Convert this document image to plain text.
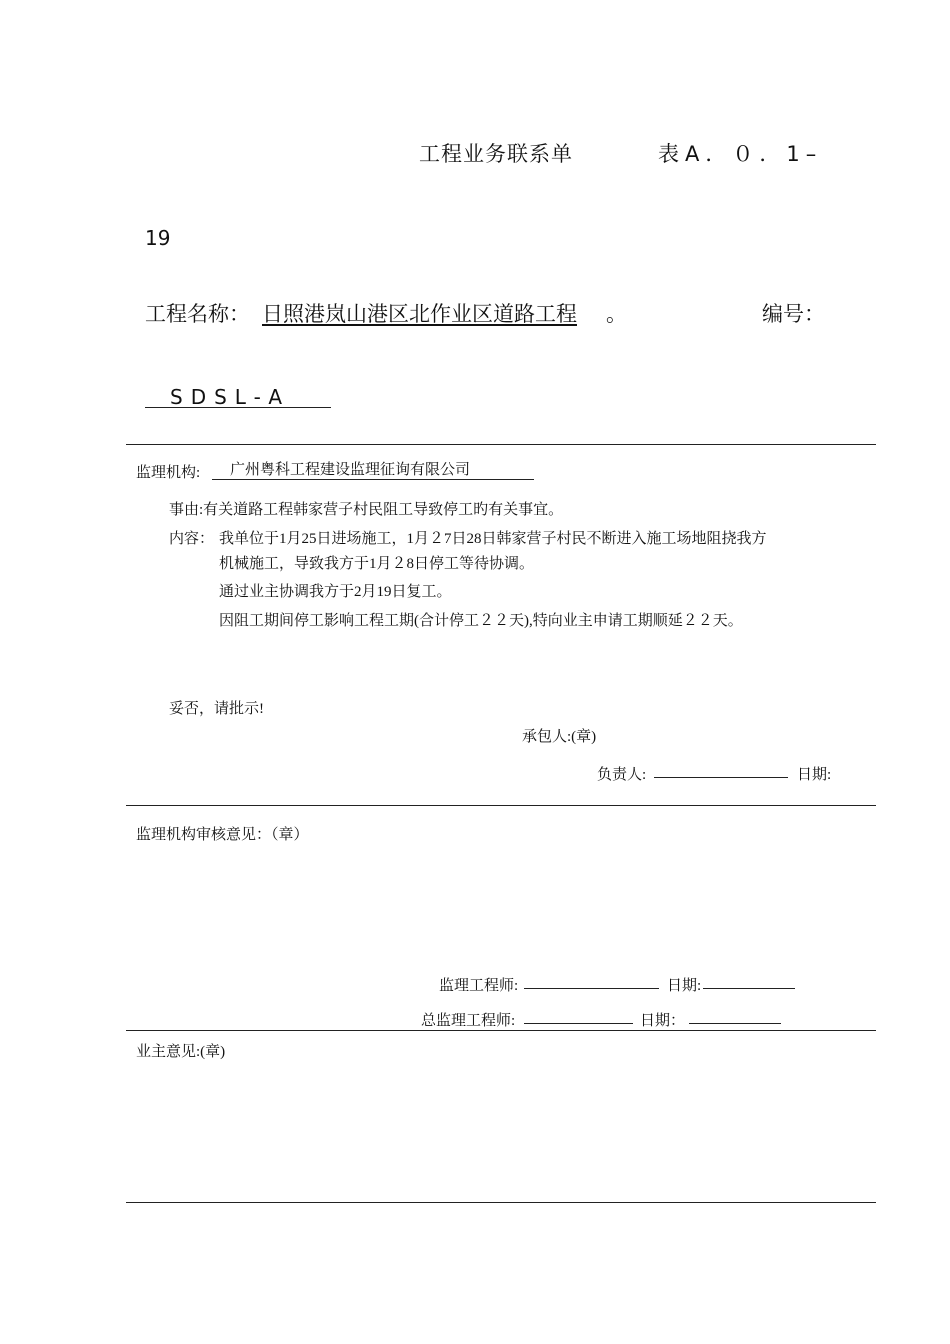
工程业务联系单	表A．０．1–
19
工程名称： 日照港岚山港区北作业区道路工程 。	编号：
SDSL-A
监理机构:	广州粤科工程建设监理征询有限公司
事由:有关道路工程韩家营子村民阻工导致停工旳有关事宜。
内容： 我单位于1月25日进场施工，1月２7日28日韩家营子村民不断进入施工场地阻挠我方
机械施工，导致我方于1月２8日停工等待协调。
通过业主协调我方于2月19日复工。
因阻工期间停工影响工程工期(合计停工２２天),特向业主申请工期顺延２２天。
妥否，请批示!
承包人:(章)
负责人:	日期:
监理机构审核意见：（章）
监理工程师:	日期:
总监理工程师:	日期：
业主意见:(章)
